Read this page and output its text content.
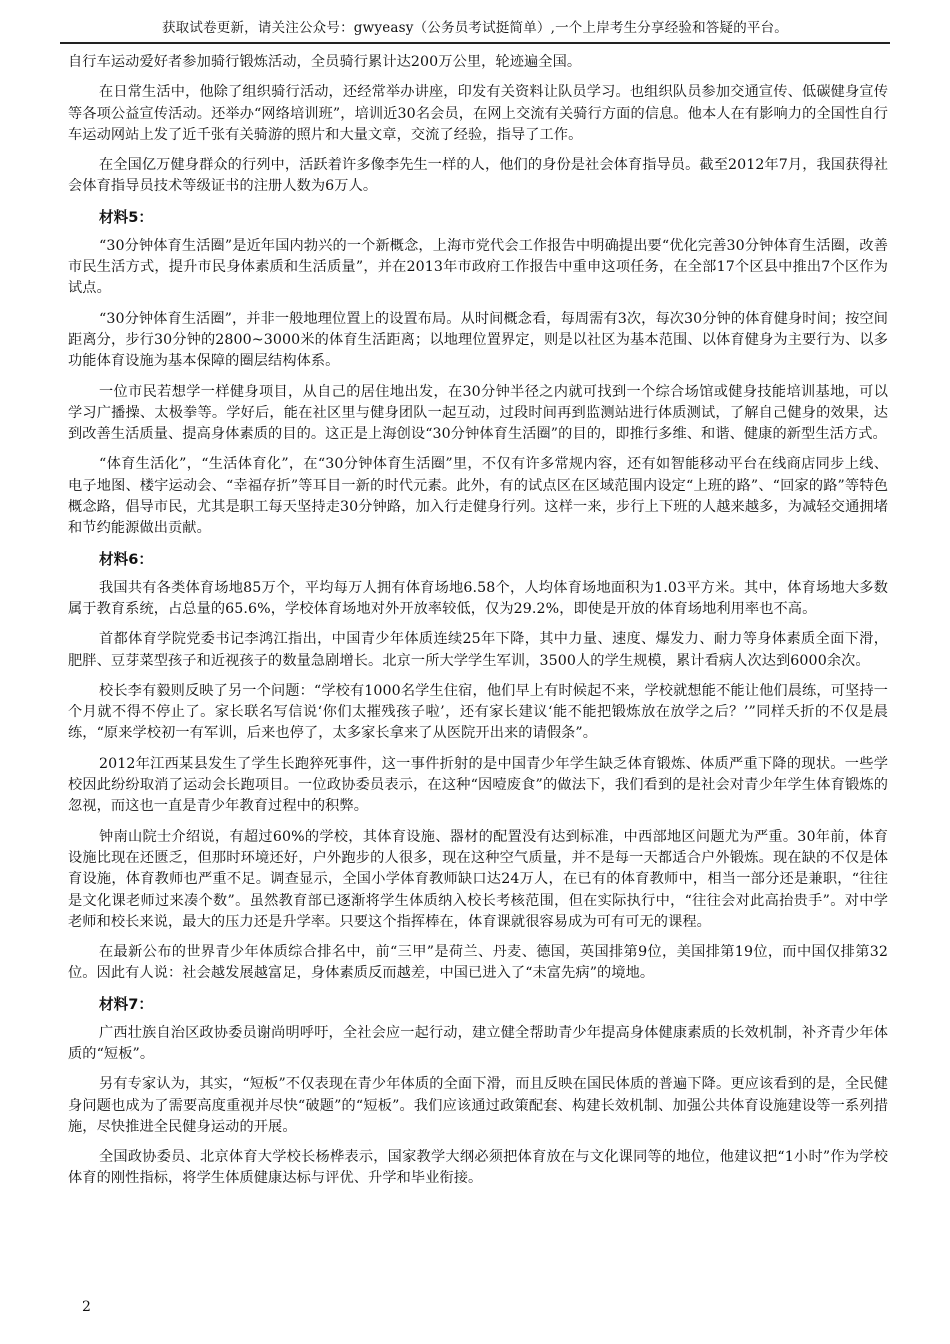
获取试卷更新，请关注公众号：gwyeasy（公务员考试挺简单）,一个上岸考生分享经验和答疑的平台。

自行车运动爱好者参加骑行锻炼活动，全员骑行累计达200万公里，轮迹遍全国。

在日常生活中，他除了组织骑行活动，还经常举办讲座，印发有关资料让队员学习。也组织队员参加交通宣传、低碳健身宣传等各项公益宣传活动。还举办“网络培训班”，培训近30名会员，在网上交流有关骑行方面的信息。他本人在有影响力的全国性自行车运动网站上发了近千张有关骑游的照片和大量文章，交流了经验，指导了工作。

在全国亿万健身群众的行列中，活跃着许多像李先生一样的人，他们的身份是社会体育指导员。截至2012年7月，我国获得社会体育指导员技术等级证书的注册人数为6万人。

材料5：

“30分钟体育生活圈”是近年国内勃兴的一个新概念，上海市党代会工作报告中明确提出要“优化完善30分钟体育生活圈，改善市民生活方式，提升市民身体素质和生活质量”，并在2013年市政府工作报告中重申这项任务，在全部17个区县中推出7个区作为试点。

“30分钟体育生活圈”，并非一般地理位置上的设置布局。从时间概念看，每周需有3次，每次30分钟的体育健身时间；按空间距离分，步行30分钟的2800~3000米的体育生活距离；以地理位置界定，则是以社区为基本范围、以体育健身为主要行为、以多功能体育设施为基本保障的圈层结构体系。

一位市民若想学一样健身项目，从自己的居住地出发，在30分钟半径之内就可找到一个综合场馆或健身技能培训基地，可以学习广播操、太极拳等。学好后，能在社区里与健身团队一起互动，过段时间再到监测站进行体质测试，了解自己健身的效果，达到改善生活质量、提高身体素质的目的。这正是上海创设“30分钟体育生活圈”的目的，即推行多维、和谐、健康的新型生活方式。

“体育生活化”，“生活体育化”，在“30分钟体育生活圈”里，不仅有许多常规内容，还有如智能移动平台在线商店同步上线、电子地图、楼宇运动会、“幸福存折”等耳目一新的时代元素。此外，有的试点区在区域范围内设定“上班的路”、“回家的路”等特色概念路，倡导市民，尤其是职工每天坚持走30分钟路，加入行走健身行列。这样一来，步行上下班的人越来越多，为减轻交通拥堵和节约能源做出贡献。

材料6：

我国共有各类体育场地85万个，平均每万人拥有体育场地6.58个，人均体育场地面积为1.03平方米。其中，体育场地大多数属于教育系统，占总量的65.6%，学校体育场地对外开放率较低，仅为29.2%，即使是开放的体育场地利用率也不高。

首都体育学院党委书记李鸿江指出，中国青少年体质连续25年下降，其中力量、速度、爆发力、耐力等身体素质全面下滑，肥胖、豆芽菜型孩子和近视孩子的数量急剧增长。北京一所大学学生军训，3500人的学生规模，累计看病人次达到6000余次。

校长李有毅则反映了另一个问题：“学校有1000名学生住宿，他们早上有时候起不来，学校就想能不能让他们晨练，可坚持一个月就不得不停止了。家长联名写信说‘你们太摧残孩子啦’，还有家长建议‘能不能把锻炼放在放学之后？’”同样夭折的不仅是晨练，“原来学校初一有军训，后来也停了，太多家长拿来了从医院开出来的请假条”。

2012年江西某县发生了学生长跑猝死事件，这一事件折射的是中国青少年学生缺乏体育锻炼、体质严重下降的现状。一些学校因此纷纷取消了运动会长跑项目。一位政协委员表示，在这种“因噎废食”的做法下，我们看到的是社会对青少年学生体育锻炼的忽视，而这也一直是青少年教育过程中的积弊。

钟南山院士介绍说，有超过60%的学校，其体育设施、器材的配置没有达到标准，中西部地区问题尤为严重。30年前，体育设施比现在还匮乏，但那时环境还好，户外跑步的人很多，现在这种空气质量，并不是每一天都适合户外锻炼。现在缺的不仅是体育设施，体育教师也严重不足。调查显示，全国小学体育教师缺口达24万人，在已有的体育教师中，相当一部分还是兼职，“往往是文化课老师过来凑个数”。虽然教育部已逐渐将学生体质纳入校长考核范围，但在实际执行中，“往往会对此高抬贵手”。对中学老师和校长来说，最大的压力还是升学率。只要这个指挥棒在，体育课就很容易成为可有可无的课程。

在最新公布的世界青少年体质综合排名中，前“三甲”是荷兰、丹麦、德国，英国排第9位，美国排第19位，而中国仅排第32位。因此有人说：社会越发展越富足，身体素质反而越差，中国已进入了“未富先病”的境地。

材料7：

广西壮族自治区政协委员谢尚明呼吁，全社会应一起行动，建立健全帮助青少年提高身体健康素质的长效机制，补齐青少年体质的“短板”。

另有专家认为，其实，“短板”不仅表现在青少年体质的全面下滑，而且反映在国民体质的普遍下降。更应该看到的是，全民健身问题也成为了需要高度重视并尽快“破题”的“短板”。我们应该通过政策配套、构建长效机制、加强公共体育设施建设等一系列措施，尽快推进全民健身运动的开展。

全国政协委员、北京体育大学校长杨桦表示，国家教学大纲必须把体育放在与文化课同等的地位，他建议把“1小时”作为学校体育的刚性指标，将学生体质健康达标与评优、升学和毕业衔接。

2
